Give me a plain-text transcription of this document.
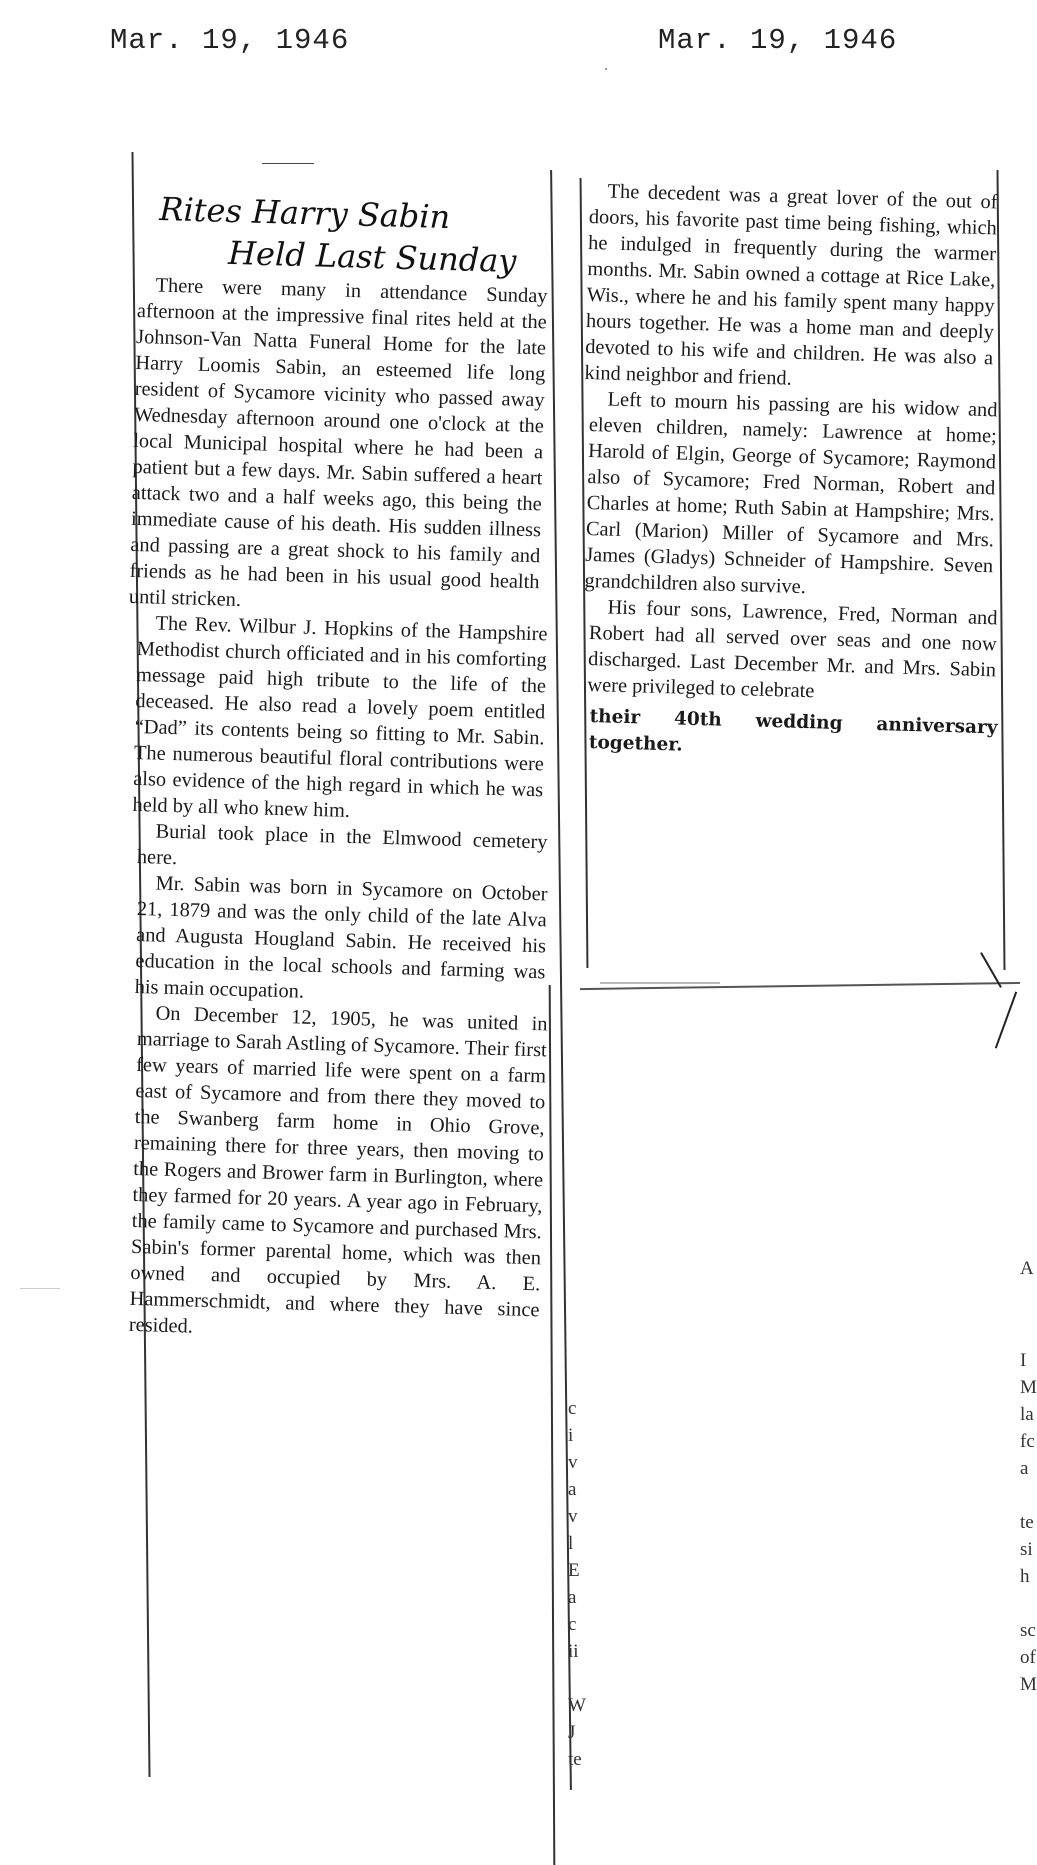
Mar. 19, 1946	Mar. 19, 1946
Rites Harry Sabin
Held Last Sunday

There were many in attendance Sunday afternoon at the impressive final rites held at the Johnson-Van Natta Funeral Home for the late Harry Loomis Sabin, an esteemed life long resident of Sycamore vicinity who passed away Wednesday afternoon around one o'clock at the local Municipal hospital where he had been a patient but a few days. Mr. Sabin suffered a heart attack two and a half weeks ago, this being the immediate cause of his death. His sudden illness and passing are a great shock to his family and friends as he had been in his usual good health until stricken.

The Rev. Wilbur J. Hopkins of the Hampshire Methodist church officiated and in his comforting message paid high tribute to the life of the deceased. He also read a lovely poem entitled “Dad” its contents being so fitting to Mr. Sabin. The numerous beautiful floral contributions were also evidence of the high regard in which he was held by all who knew him.

Burial took place in the Elmwood cemetery here.

Mr. Sabin was born in Sycamore on October 21, 1879 and was the only child of the late Alva and Augusta Hougland Sabin. He received his education in the local schools and farming was his main occupation.

On December 12, 1905, he was united in marriage to Sarah Astling of Sycamore. Their first few years of married life were spent on a farm east of Sycamore and from there they moved to the Swanberg farm home in Ohio Grove, remaining there for three years, then moving to the Rogers and Brower farm in Burlington, where they farmed for 20 years. A year ago in February, the family came to Sycamore and purchased Mrs. Sabin's former parental home, which was then owned and occupied by Mrs. A. E. Hammerschmidt, and where they have since resided.

The decedent was a great lover of the out of doors, his favorite past time being fishing, which he indulged in frequently during the warmer months. Mr. Sabin owned a cottage at Rice Lake, Wis., where he and his family spent many happy hours together. He was a home man and deeply devoted to his wife and children. He was also a kind neighbor and friend.

Left to mourn his passing are his widow and eleven children, namely: Lawrence at home; Harold of Elgin, George of Sycamore; Raymond also of Sycamore; Fred Norman, Robert and Charles at home; Ruth Sabin at Hampshire; Mrs. Carl (Marion) Miller of Sycamore and Mrs. James (Gladys) Schneider of Hampshire. Seven grandchildren also survive.

His four sons, Lawrence, Fred, Norman and Robert had all served over seas and one now discharged. Last December Mr. and Mrs. Sabin were privileged to celebrate

their 40th wedding anniversary together.

c
i
v
a
v
l
E
a
c
ii

W
J
te
A
I
M
la
fc
a

te
si
h

sc
of
M
